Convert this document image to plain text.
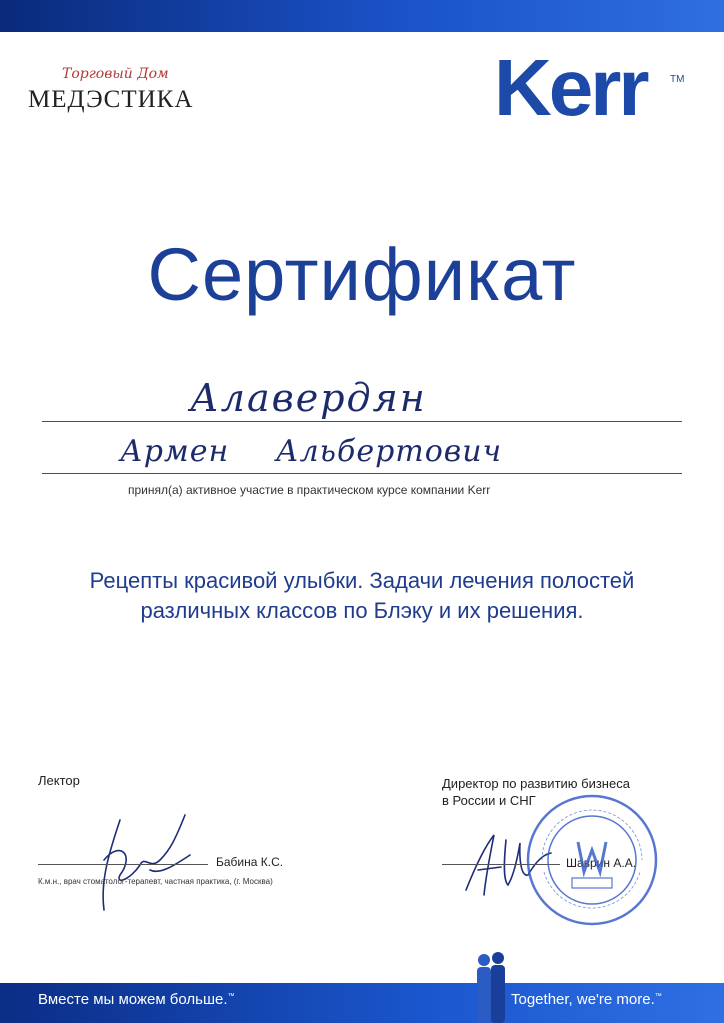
Торговый Дом
МЕДЭСТИКА	Kerr TM
Сертификат
Алавердян
Армен Альбертович
принял(а) активное участие в практическом курсе компании Kerr
Рецепты красивой улыбки. Задачи лечения полостей
различных классов по Блэку и их решения.
Лектор
Бабина К.С.
К.м.н., врач стоматолог-терапевт, частная практика, (г. Москва)
Директор по развитию бизнеса
в России и СНГ
Шаврин А.А.
Вместе мы можем больше.™	Together, we're more.™
